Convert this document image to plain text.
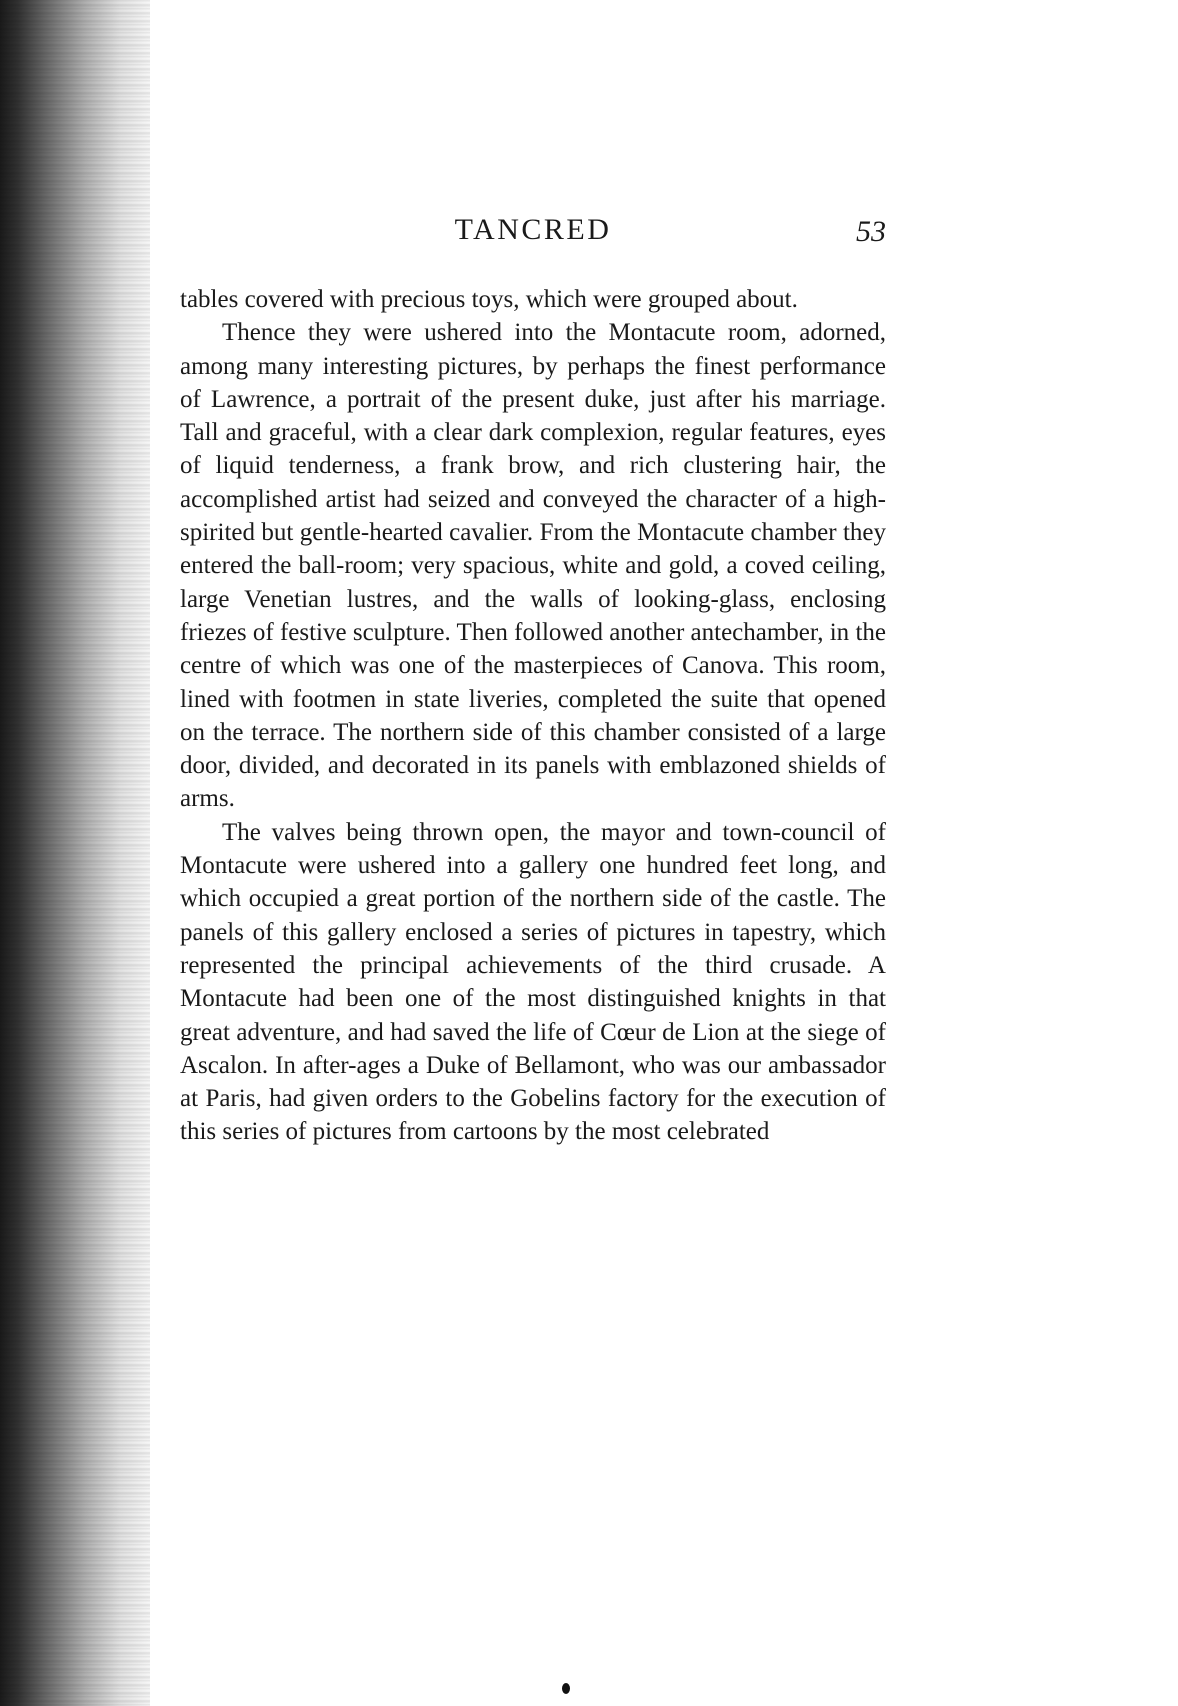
TANCRED	53

tables covered with precious toys, which were grouped about.

Thence they were ushered into the Montacute room, adorned, among many interesting pictures, by perhaps the finest performance of Lawrence, a portrait of the present duke, just after his marriage. Tall and graceful, with a clear dark complexion, regular features, eyes of liquid tenderness, a frank brow, and rich clustering hair, the accomplished artist had seized and conveyed the character of a high-spirited but gentle-hearted cavalier. From the Montacute chamber they entered the ball-room; very spacious, white and gold, a coved ceiling, large Venetian lustres, and the walls of looking-glass, enclosing friezes of festive sculpture. Then followed another antechamber, in the centre of which was one of the masterpieces of Canova. This room, lined with footmen in state liveries, completed the suite that opened on the terrace. The northern side of this chamber consisted of a large door, divided, and decorated in its panels with emblazoned shields of arms.

The valves being thrown open, the mayor and town-council of Montacute were ushered into a gallery one hundred feet long, and which occupied a great portion of the northern side of the castle. The panels of this gallery enclosed a series of pictures in tapestry, which represented the principal achievements of the third crusade. A Montacute had been one of the most distinguished knights in that great adventure, and had saved the life of Cœur de Lion at the siege of Ascalon. In after-ages a Duke of Bellamont, who was our ambassador at Paris, had given orders to the Gobelins factory for the execution of this series of pictures from cartoons by the most celebrated
